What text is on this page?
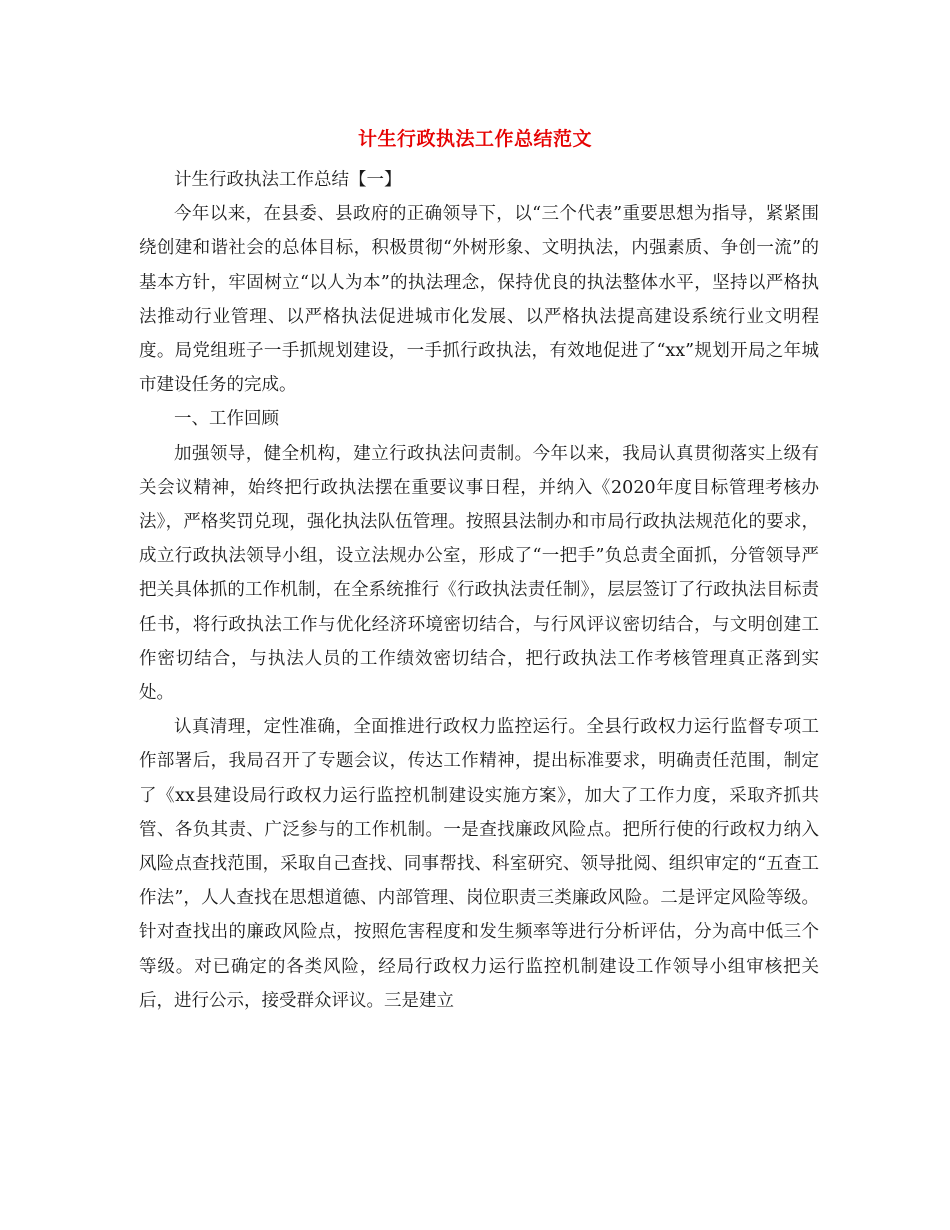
计生行政执法工作总结范文

计生行政执法工作总结【一】

今年以来，在县委、县政府的正确领导下，以“三个代表”重要思想为指导，紧紧围绕创建和谐社会的总体目标，积极贯彻“外树形象、文明执法，内强素质、争创一流”的基本方针，牢固树立“以人为本”的执法理念，保持优良的执法整体水平，坚持以严格执法推动行业管理、以严格执法促进城市化发展、以严格执法提高建设系统行业文明程度。局党组班子一手抓规划建设，一手抓行政执法，有效地促进了“xx”规划开局之年城市建设任务的完成。

一、工作回顾

加强领导，健全机构，建立行政执法问责制。今年以来，我局认真贯彻落实上级有关会议精神，始终把行政执法摆在重要议事日程，并纳入《2020年度目标管理考核办法》，严格奖罚兑现，强化执法队伍管理。按照县法制办和市局行政执法规范化的要求，成立行政执法领导小组，设立法规办公室，形成了“一把手”负总责全面抓，分管领导严把关具体抓的工作机制，在全系统推行《行政执法责任制》，层层签订了行政执法目标责任书，将行政执法工作与优化经济环境密切结合，与行风评议密切结合，与文明创建工作密切结合，与执法人员的工作绩效密切结合，把行政执法工作考核管理真正落到实处。

认真清理，定性准确，全面推进行政权力监控运行。全县行政权力运行监督专项工作部署后，我局召开了专题会议，传达工作精神，提出标准要求，明确责任范围，制定了《xx县建设局行政权力运行监控机制建设实施方案》，加大了工作力度，采取齐抓共管、各负其责、广泛参与的工作机制。一是查找廉政风险点。把所行使的行政权力纳入风险点查找范围，采取自己查找、同事帮找、科室研究、领导批阅、组织审定的“五查工作法”，人人查找在思想道德、内部管理、岗位职责三类廉政风险。二是评定风险等级。针对查找出的廉政风险点，按照危害程度和发生频率等进行分析评估，分为高中低三个等级。对已确定的各类风险，经局行政权力运行监控机制建设工作领导小组审核把关后，进行公示，接受群众评议。三是建立
